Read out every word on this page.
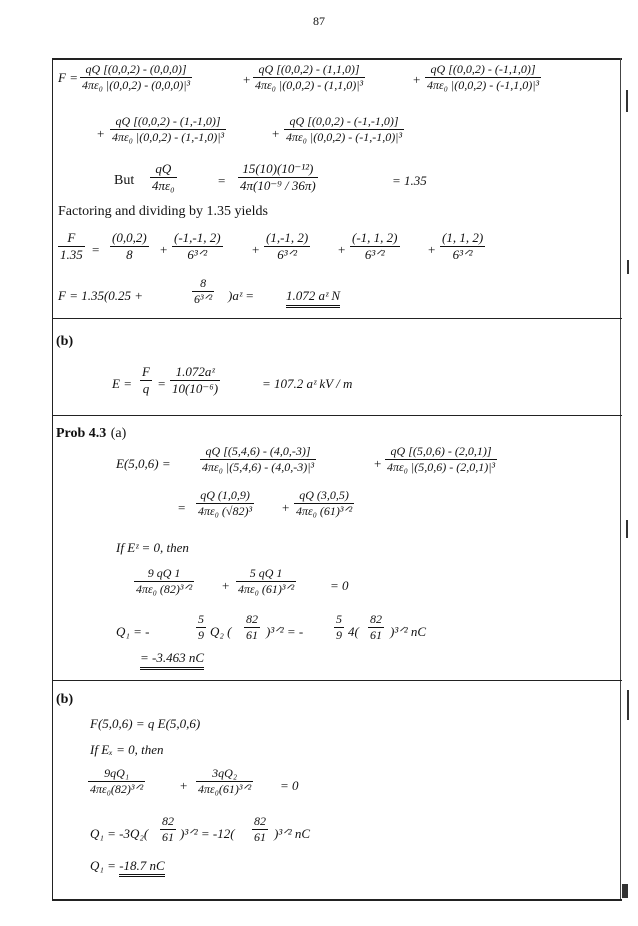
87
$F = \frac{qQ [(0,0,2) - (0,0,0)]}{\text{4πε₀ |(0,0,2) - (0,0,0)|³}}$	+ $\frac{qQ [(0,0,2) - (1,1,0)]}{\text{4πε₀ |(0,0,2) - (1,1,0)|³}}$	+ $\frac{qQ [(0,0,2) - (-1,1,0)]}{\text{4πε₀ |(0,0,2) - (-1,1,0)|³}}$
+ $\frac{qQ [(0,0,2) - (1,-1,0)]}{\text{4πε₀ |(0,0,2) - (1,-1,0)|³}}$	+ $\frac{qQ [(0,0,2) - (-1,-1,0)]}{\text{4πε₀ |(0,0,2) - (-1,-1,0)|³}}$
But $\frac{qQ}{\text{4πε₀}}$	= $\frac{\text{15(10)(10⁻¹²)}}{\text{4π(10⁻⁹ / 36π)}}$	= 1.35
Factoring and dividing by 1.35 yields
$\frac{F}{1.35} = \frac{(0,0,2)}{8} + \frac{(-1,-1, 2)}{\text{6³ᐟ²}} + \frac{(1,-1, 2)}{\text{6³ᐟ²}} + \frac{(-1, 1, 2)}{\text{6³ᐟ²}} + \frac{(1, 1, 2)}{\text{6³ᐟ²}}$
F = 1.35(0.25 +	$\frac{8}{\text{6³ᐟ²}}$ )aᶻ = 1.072 aᶻ N
(b)
$E = \frac{F}{q} = \frac{\text{1.072aᶻ}}{\text{10(10⁻⁶)}}$	= 107.2 aᶻ kV / m
Prob 4.3 (a)
$E(5,0,6) = \frac{qQ [(5,4,6) - (4,0,-3)]}{\text{4πε₀ |(5,4,6) - (4,0,-3)|³}}$	+ $\frac{qQ [(5,0,6) - (2,0,1)]}{\text{4πε₀ |(5,0,6) - (2,0,1)|³}}$
= $\frac{qQ (1,0,9)}{\text{4πε₀ (√82)³}} + \frac{qQ (3,0,5)}{\text{4πε₀ (61)³ᐟ²}}$
If Eᶻ = 0, then
$\frac{9 qQ 1}{\text{4πε₀ (82)³ᐟ²}} + \frac{5 qQ 1}{\text{4πε₀ (61)³ᐟ²}}$	= 0
Q₁ = -	$\frac{5}{9} Q_2$ ( $\frac{82}{61}$ )³ᐟ² = -	$\frac{5}{9} 4( \frac{82}{61}$ )³ᐟ² nC
= -3.463 nC
(b)
F(5,0,6) = q E(5,0,6)
If Eₓ = 0, then
$\frac{\text{9qQ₁}}{\text{4πε₀(82)³ᐟ²}}$	+ $\frac{\text{3qQ₂}}{\text{4πε₀(61)³ᐟ²}} = 0$
$Q_1 = -3Q_2( \frac{82}{61}$ )³ᐟ² = $-12( \frac{82}{61}$ )³ᐟ² nC
Q₁ = -18.7 nC
